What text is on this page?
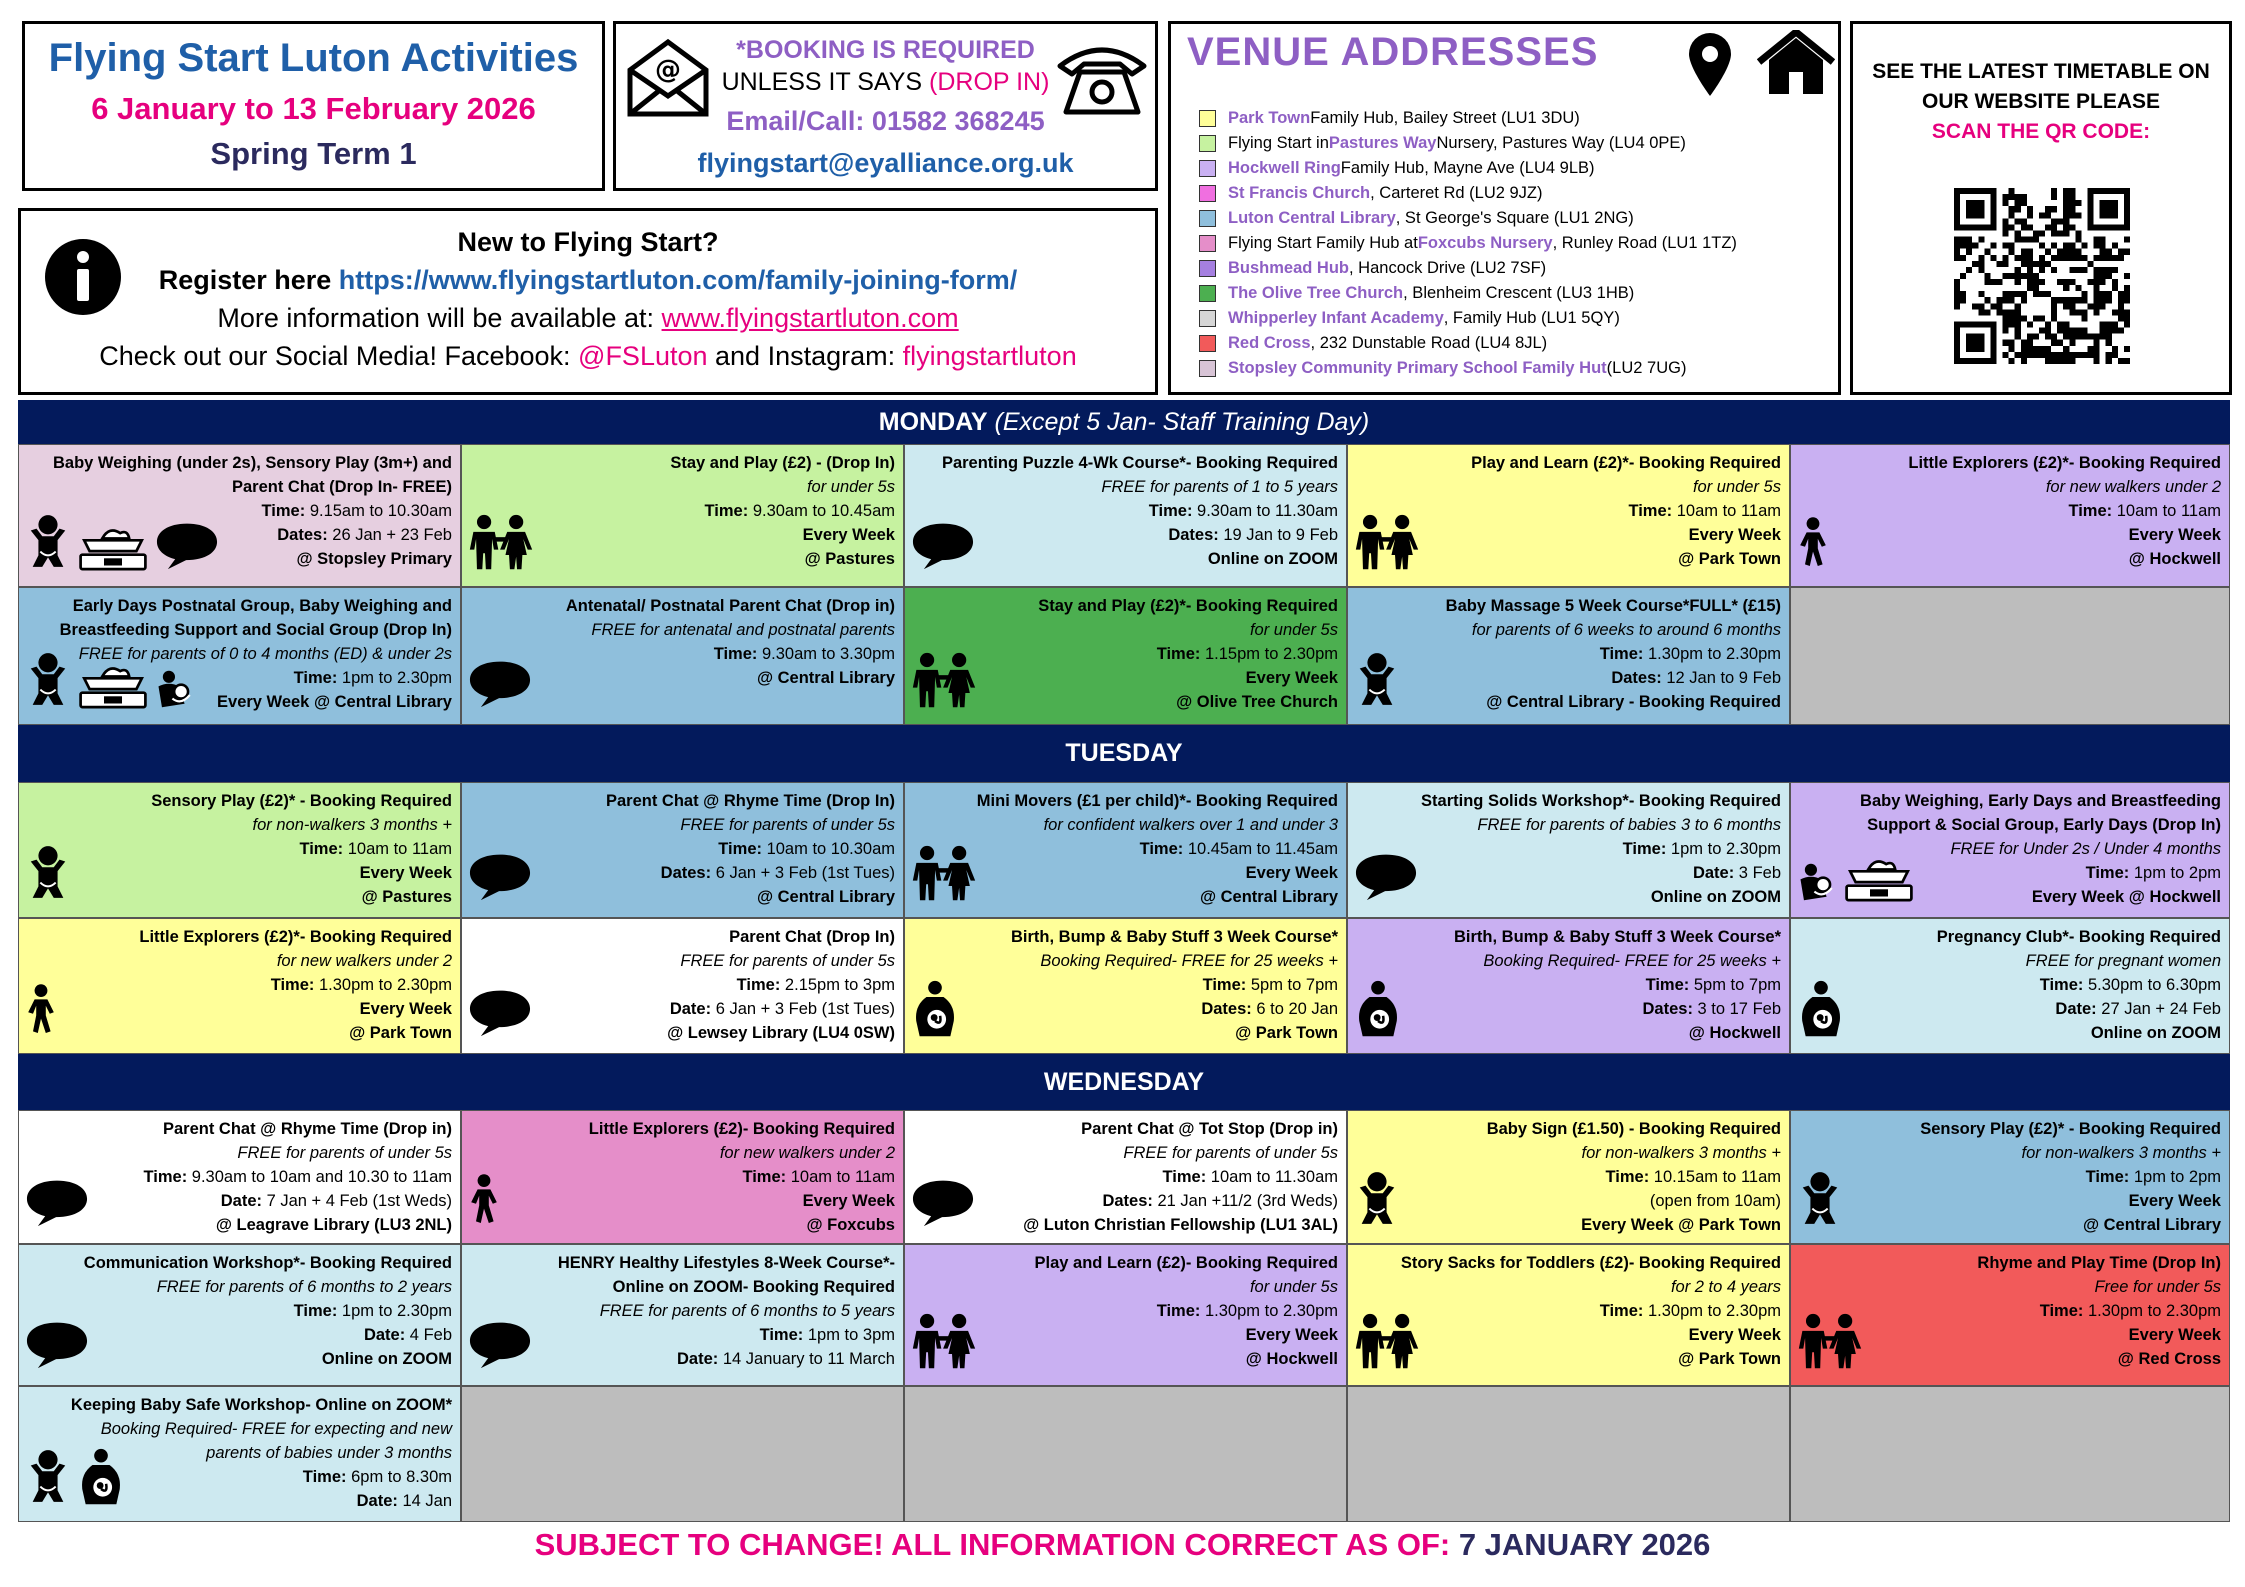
Flying Start Luton Activities
6 January to 13 February 2026
Spring Term 1
@
*BOOKING IS REQUIRED
UNLESS IT SAYS (DROP IN)
Email/Call: 01582 368245
flyingstart@eyalliance.org.uk
VENUE ADDRESSES
Park Town Family Hub, Bailey Street (LU1 3DU)
Flying Start in Pastures Way Nursery, Pastures Way (LU4 0PE)
Hockwell Ring Family Hub, Mayne Ave (LU4 9LB)
St Francis Church , Carteret Rd (LU2 9JZ)
Luton Central Library , St George's Square (LU1 2NG)
Flying Start Family Hub at Foxcubs Nursery , Runley Road (LU1 1TZ)
Bushmead Hub , Hancock Drive (LU2 7SF)
The Olive Tree Church , Blenheim Crescent (LU3 1HB)
Whipperley Infant Academy , Family Hub (LU1 5QY)
Red Cross , 232 Dunstable Road (LU4 8JL)
Stopsley Community Primary School Family Hut (LU2 7UG)
SEE THE LATEST TIMETABLE ON
OUR WEBSITE PLEASE
SCAN THE QR CODE:
New to Flying Start?
Register here https://www.flyingstartluton.com/family-joining-form/
More information will be available at: www.flyingstartluton.com
Check out our Social Media! Facebook: @FSLuton and Instagram: flyingstartluton
MONDAY (Except 5 Jan- Staff Training Day)
TUESDAY
WEDNESDAY
Baby Weighing (under 2s), Sensory Play (3m+) and
Parent Chat (Drop In- FREE)
Time: 9.15am to 10.30am
Dates: 26 Jan + 23 Feb
@ Stopsley Primary
Stay and Play (£2) - (Drop In)
for under 5s
Time: 9.30am to 10.45am
Every Week
@ Pastures
Parenting Puzzle 4-Wk Course*- Booking Required
FREE for parents of 1 to 5 years
Time: 9.30am to 11.30am
Dates: 19 Jan to 9 Feb
Online on ZOOM
Play and Learn (£2)*- Booking Required
for under 5s
Time: 10am to 11am
Every Week
@ Park Town
Little Explorers (£2)*- Booking Required
for new walkers under 2
Time: 10am to 11am
Every Week
@ Hockwell
Early Days Postnatal Group, Baby Weighing and
Breastfeeding Support and Social Group (Drop In)
FREE for parents of 0 to 4 months (ED) & under 2s
Time: 1pm to 2.30pm
Every Week @ Central Library
Antenatal/ Postnatal Parent Chat (Drop in)
FREE for antenatal and postnatal parents
Time: 9.30am to 3.30pm
@ Central Library
Stay and Play (£2)*- Booking Required
for under 5s
Time: 1.15pm to 2.30pm
Every Week
@ Olive Tree Church
Baby Massage 5 Week Course*FULL* (£15)
for parents of 6 weeks to around 6 months
Time: 1.30pm to 2.30pm
Dates: 12 Jan to 9 Feb
@ Central Library - Booking Required
Sensory Play (£2)* - Booking Required
for non-walkers 3 months +
Time: 10am to 11am
Every Week
@ Pastures
Parent Chat @ Rhyme Time (Drop In)
FREE for parents of under 5s
Time: 10am to 10.30am
Dates: 6 Jan + 3 Feb (1st Tues)
@ Central Library
Mini Movers (£1 per child)*- Booking Required
for confident walkers over 1 and under 3
Time: 10.45am to 11.45am
Every Week
@ Central Library
Starting Solids Workshop*- Booking Required
FREE for parents of babies 3 to 6 months
Time: 1pm to 2.30pm
Date: 3 Feb
Online on ZOOM
Baby Weighing, Early Days and Breastfeeding
Support & Social Group, Early Days (Drop In)
FREE for Under 2s / Under 4 months
Time: 1pm to 2pm
Every Week @ Hockwell
Little Explorers (£2)*- Booking Required
for new walkers under 2
Time: 1.30pm to 2.30pm
Every Week
@ Park Town
Parent Chat (Drop In)
FREE for parents of under 5s
Time: 2.15pm to 3pm
Date: 6 Jan + 3 Feb (1st Tues)
@ Lewsey Library (LU4 0SW)
Birth, Bump & Baby Stuff 3 Week Course*
Booking Required- FREE for 25 weeks +
Time: 5pm to 7pm
Dates: 6 to 20 Jan
@ Park Town
Birth, Bump & Baby Stuff 3 Week Course*
Booking Required- FREE for 25 weeks +
Time: 5pm to 7pm
Dates: 3 to 17 Feb
@ Hockwell
Pregnancy Club*- Booking Required
FREE for pregnant women
Time: 5.30pm to 6.30pm
Date: 27 Jan + 24 Feb
Online on ZOOM
Parent Chat @ Rhyme Time (Drop in)
FREE for parents of under 5s
Time: 9.30am to 10am and 10.30 to 11am
Date: 7 Jan + 4 Feb (1st Weds)
@ Leagrave Library (LU3 2NL)
Little Explorers (£2)- Booking Required
for new walkers under 2
Time: 10am to 11am
Every Week
@ Foxcubs
Parent Chat @ Tot Stop (Drop in)
FREE for parents of under 5s
Time: 10am to 11.30am
Dates: 21 Jan +11/2 (3rd Weds)
@ Luton Christian Fellowship (LU1 3AL)
Baby Sign (£1.50) - Booking Required
for non-walkers 3 months +
Time: 10.15am to 11am
(open from 10am)
Every Week @ Park Town
Sensory Play (£2)* - Booking Required
for non-walkers 3 months +
Time: 1pm to 2pm
Every Week
@ Central Library
Communication Workshop*- Booking Required
FREE for parents of 6 months to 2 years
Time: 1pm to 2.30pm
Date: 4 Feb
Online on ZOOM
HENRY Healthy Lifestyles 8-Week Course*-
Online on ZOOM- Booking Required
FREE for parents of 6 months to 5 years
Time: 1pm to 3pm
Date: 14 January to 11 March
Play and Learn (£2)- Booking Required
for under 5s
Time: 1.30pm to 2.30pm
Every Week
@ Hockwell
Story Sacks for Toddlers (£2)- Booking Required
for 2 to 4 years
Time: 1.30pm to 2.30pm
Every Week
@ Park Town
Rhyme and Play Time (Drop In)
Free for under 5s
Time: 1.30pm to 2.30pm
Every Week
@ Red Cross
Keeping Baby Safe Workshop- Online on ZOOM*
Booking Required- FREE for expecting and new
parents of babies under 3 months
Time: 6pm to 8.30m
Date: 14 Jan
SUBJECT TO CHANGE! ALL INFORMATION CORRECT AS OF: 7 JANUARY 2026
